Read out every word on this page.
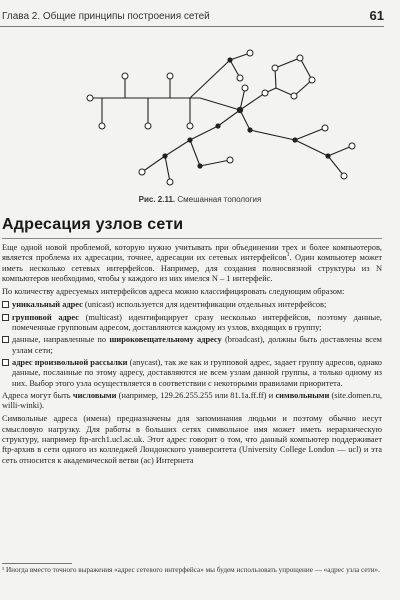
Глава 2. Общие принципы построения сетей	61
Рис. 2.11. Смешанная топология
Адресация узлов сети

Еще одной новой проблемой, которую нужно учитывать при объединении трех и более компьютеров, является проблема их адресации, точнее, адресации их сетевых интерфейсов$^1$. Один компьютер может иметь несколько сетевых интерфейсов. Например, для создания полносвязной структуры из N компьютеров необходимо, чтобы у каждого из них имелся N – 1 интерфейс.

По количеству адресуемых интерфейсов адреса можно классифицировать следующим образом:

уникальный адрес (unicast) используется для идентификации отдельных интерфейсов;
групповой адрес (multicast) идентифицирует сразу несколько интерфейсов, поэтому данные, помеченные групповым адресом, доставляются каждому из узлов, входящих в группу;
данные, направленные по широковещательному адресу (broadcast), должны быть доставлены всем узлам сети;
адрес произвольной рассылки (anycast), так же как и групповой адрес, задает группу адресов, однако данные, посланные по этому адресу, доставляются не всем узлам данной группы, а только одному из них. Выбор этого узла осуществляется в соответствии с некоторыми правилами приоритета.

Адреса могут быть числовыми (например, 129.26.255.255 или 81.1a.ff.ff) и символьными (site.domen.ru, willi-winki).

Символьные адреса (имена) предназначены для запоминания людьми и поэтому обычно несут смысловую нагрузку. Для работы в больших сетях символьное имя может иметь иерархическую структуру, например ftp-arch1.ucl.ac.uk. Этот адрес говорит о том, что данный компьютер поддерживает ftp-архив в сети одного из колледжей Лондонского университета (University College London — ucl) и эта сеть относится к академической ветви (ac) Интернета

¹ Иногда вместо точного выражения «адрес сетевого интерфейса» мы будем использовать упрощение — «адрес узла сети».
